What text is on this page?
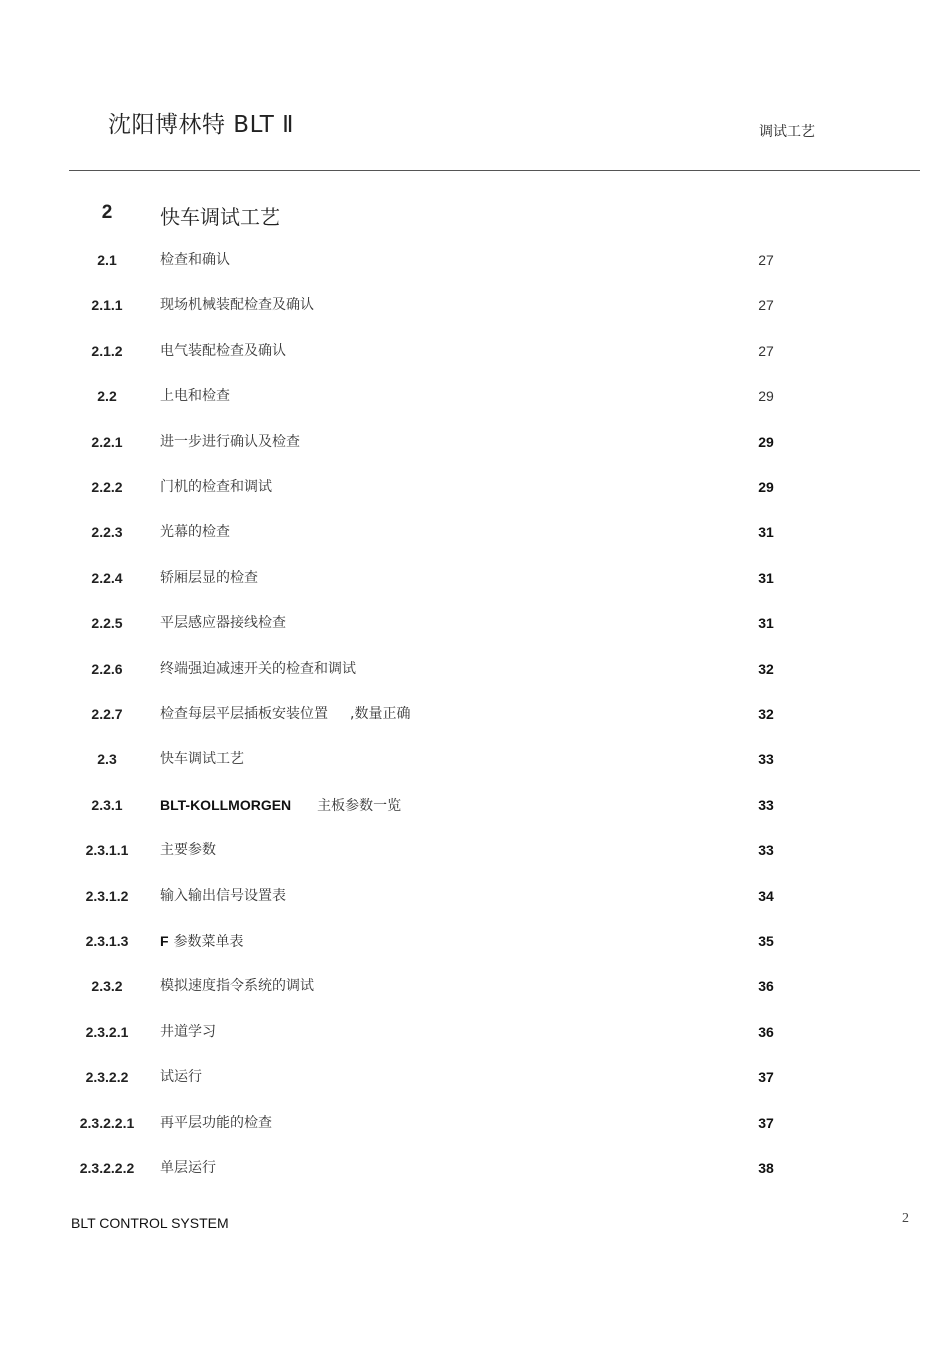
沈阳博林特 BLT Ⅱ	调试工艺
2	快车调试工艺
2.1	检查和确认	27
2.1.1	现场机械装配检查及确认	27
2.1.2	电气装配检查及确认	27
2.2	上电和检查	29
2.2.1	进一步进行确认及检查	29
2.2.2	门机的检查和调试	29
2.2.3	光幕的检查	31
2.2.4	轿厢层显的检查	31
2.2.5	平层感应器接线检查	31
2.2.6	终端强迫减速开关的检查和调试	32
2.2.7	检查每层平层插板安装位置 ,数量正确	32
2.3	快车调试工艺	33
2.3.1	BLT-KOLLMORGEN 主板参数一览	33
2.3.1.1	主要参数	33
2.3.1.2	输入输出信号设置表	34
2.3.1.3	F 参数菜单表	35
2.3.2	模拟速度指令系统的调试	36
2.3.2.1	井道学习	36
2.3.2.2	试运行	37
2.3.2.2.1	再平层功能的检查	37
2.3.2.2.2	单层运行	38
BLT CONTROL SYSTEM	2
